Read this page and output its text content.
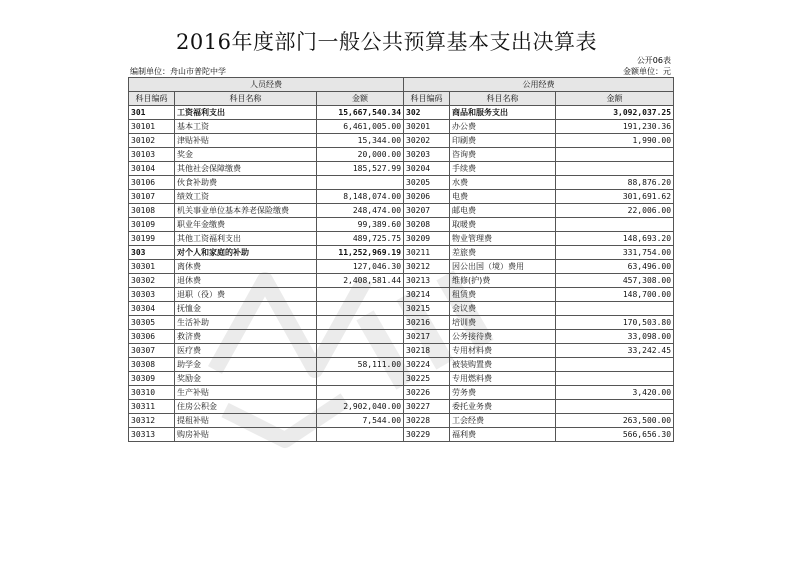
2016年度部门一般公共预算基本支出决算表
公开06表
编制单位：舟山市普陀中学	金额单位：元
人员经费			公用经费		
科目编码	科目名称	金额	科目编码	科目名称	金额
301	工资福利支出	15,667,540.34	302	商品和服务支出	3,092,037.25
30101	基本工资	6,461,005.00	30201	办公费	191,230.36
30102	津贴补贴	15,344.00	30202	印刷费	1,990.00
30103	奖金	20,000.00	30203	咨询费	
30104	其他社会保障缴费	185,527.99	30204	手续费	
30106	伙食补助费		30205	水费	88,876.20
30107	绩效工资	8,148,074.00	30206	电费	301,691.62
30108	机关事业单位基本养老保险缴费	248,474.00	30207	邮电费	22,006.00
30109	职业年金缴费	99,389.60	30208	取暖费	
30199	其他工资福利支出	489,725.75	30209	物业管理费	148,693.20
303	对个人和家庭的补助	11,252,969.19	30211	差旅费	331,754.00
30301	离休费	127,046.30	30212	因公出国（境）费用	63,496.00
30302	退休费	2,408,581.44	30213	维修(护)费	457,308.00
30303	退职（役）费		30214	租赁费	148,700.00
30304	抚恤金		30215	会议费	
30305	生活补助		30216	培训费	170,503.80
30306	救济费		30217	公务接待费	33,098.00
30307	医疗费		30218	专用材料费	33,242.45
30308	助学金	58,111.00	30224	被装购置费	
30309	奖励金		30225	专用燃料费	
30310	生产补贴		30226	劳务费	3,420.00
30311	住房公积金	2,902,040.00	30227	委托业务费	
30312	提租补贴	7,544.00	30228	工会经费	263,500.00
30313	购房补贴		30229	福利费	566,656.30
